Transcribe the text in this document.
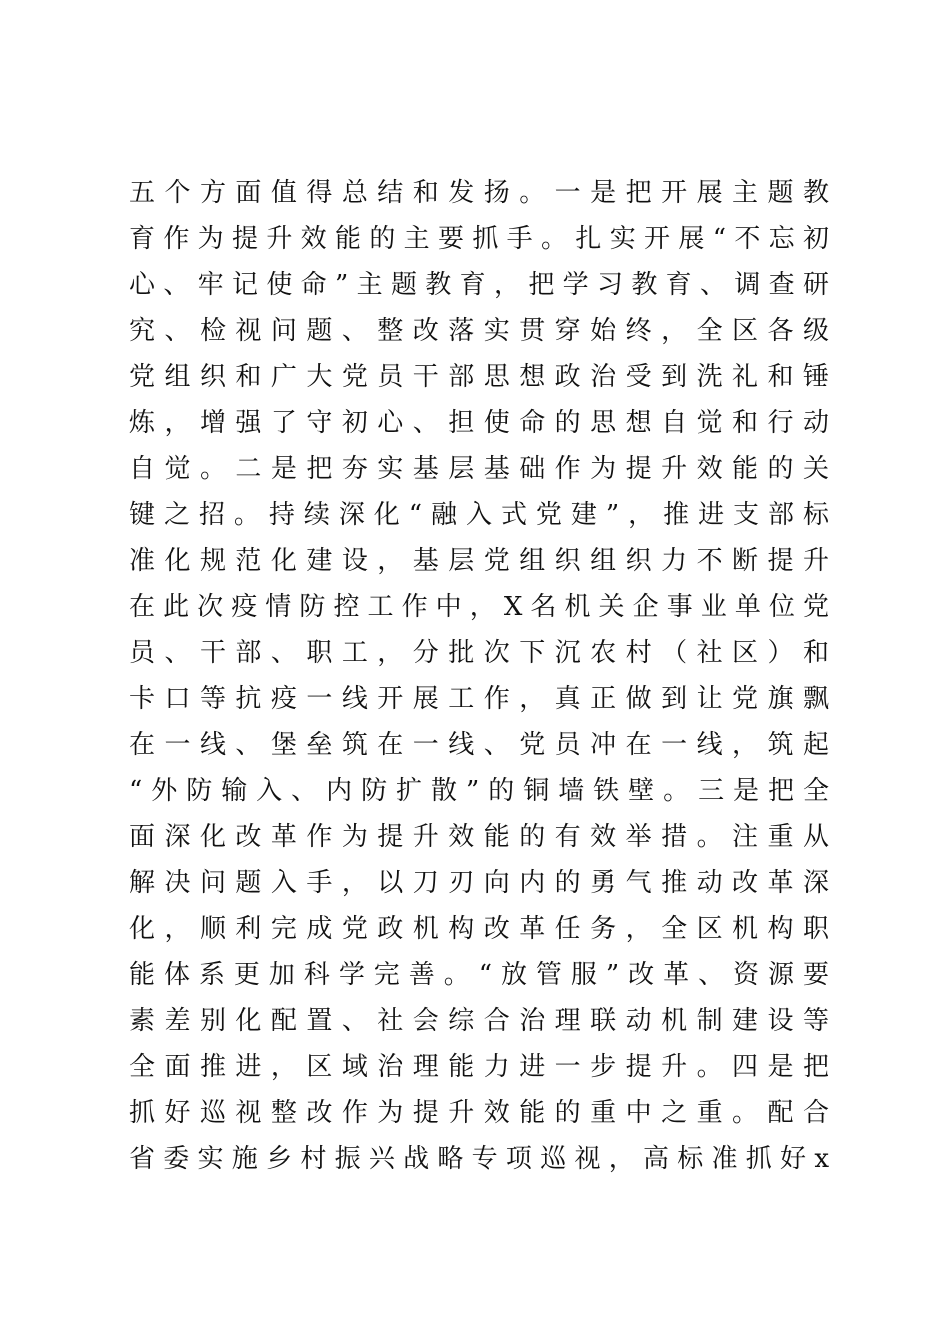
五个方面值得总结和发扬。一是把开展主题教
育作为提升效能的主要抓手。扎实开展“不忘初
心、牢记使命”主题教育，把学习教育、调查研
究、检视问题、整改落实贯穿始终，全区各级
党组织和广大党员干部思想政治受到洗礼和锤
炼，增强了守初心、担使命的思想自觉和行动
自觉。二是把夯实基层基础作为提升效能的关
键之招。持续深化“融入式党建”，推进支部标
准化规范化建设，基层党组织组织力不断提升
在此次疫情防控工作中，X名机关企事业单位党
员、干部、职工，分批次下沉农村（社区）和
卡口等抗疫一线开展工作，真正做到让党旗飘
在一线、堡垒筑在一线、党员冲在一线，筑起
“外防输入、内防扩散”的铜墙铁壁。三是把全
面深化改革作为提升效能的有效举措。注重从
解决问题入手，以刀刃向内的勇气推动改革深
化，顺利完成党政机构改革任务，全区机构职
能体系更加科学完善。“放管服”改革、资源要
素差别化配置、社会综合治理联动机制建设等
全面推进，区域治理能力进一步提升。四是把
抓好巡视整改作为提升效能的重中之重。配合
省委实施乡村振兴战略专项巡视，高标准抓好x
